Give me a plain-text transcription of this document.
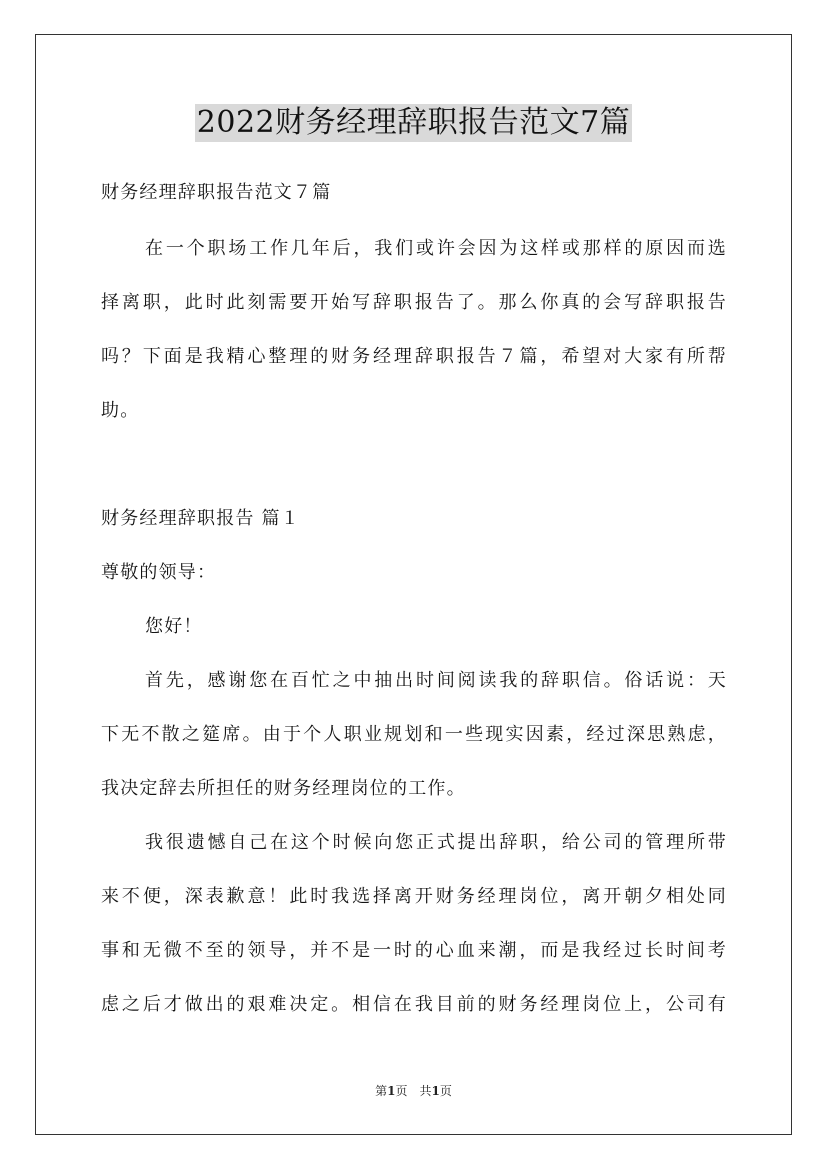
2022财务经理辞职报告范文7篇
财务经理辞职报告范文７篇
在一个职场工作几年后，我们或许会因为这样或那样的原因而选
择离职，此时此刻需要开始写辞职报告了。那么你真的会写辞职报告
吗？下面是我精心整理的财务经理辞职报告７篇，希望对大家有所帮
助。
财务经理辞职报告 篇１
尊敬的领导：
您好！
首先，感谢您在百忙之中抽出时间阅读我的辞职信。俗话说：天
下无不散之筵席。由于个人职业规划和一些现实因素，经过深思熟虑，
我决定辞去所担任的财务经理岗位的工作。
我很遗憾自己在这个时候向您正式提出辞职，给公司的管理所带
来不便，深表歉意！此时我选择离开财务经理岗位，离开朝夕相处同
事和无微不至的领导，并不是一时的心血来潮，而是我经过长时间考
虑之后才做出的艰难决定。相信在我目前的财务经理岗位上，公司有
第1页　共1页
